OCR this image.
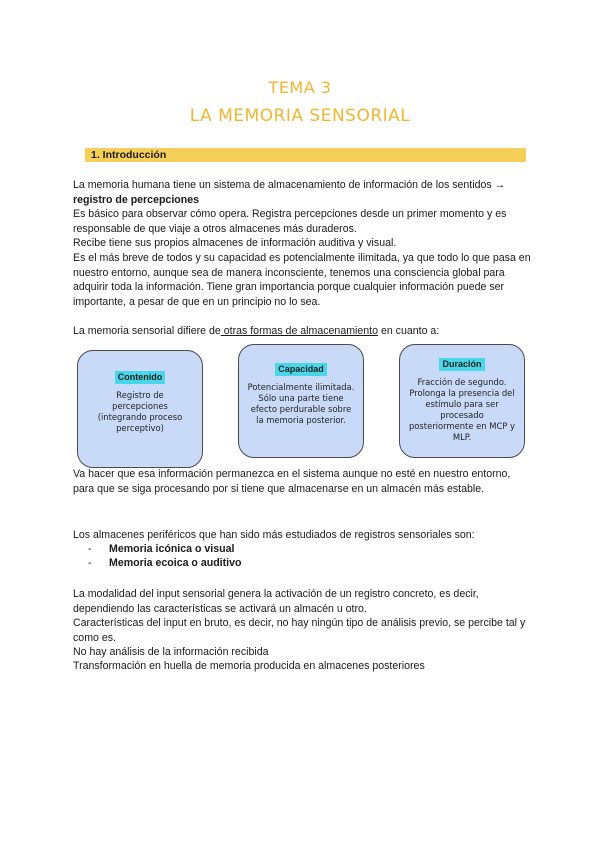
TEMA 3
LA MEMORIA SENSORIAL
1. Introducción

La memoria humana tiene un sistema de almacenamiento de información de los sentidos →
registro de percepciones

Es básico para observar cómo opera. Registra percepciones desde un primer momento y es responsable de que viaje a otros almacenes más duraderos.

Recibe tiene sus propios almacenes de información auditiva y visual.

Es el más breve de todos y su capacidad es potencialmente ilimitada, ya que todo lo que pasa en nuestro entorno, aunque sea de manera inconsciente, tenemos una consciencia global para adquirir toda la información. Tiene gran importancia porque cualquier información puede ser importante, a pesar de que en un principio no lo sea.

La memoria sensorial difiere de otras formas de almacenamiento en cuanto a:

Contenido
Registro de percepciones (integrando proceso perceptivo)
Capacidad
Potencialmente ilimitada. Sólo una parte tiene efecto perdurable sobre la memoria posterior.
Duración
Fracción de segundo. Prolonga la presencia del estímulo para ser procesado posteriormente en MCP y MLP.

Va hacer que esa información permanezca en el sistema aunque no esté en nuestro entorno, para que se siga procesando por si tiene que almacenarse en un almacén más estable.

Los almacenes periféricos que han sido más estudiados de registros sensoriales son:

- Memoria icónica o visual
- Memoria ecoica o auditivo

La modalidad del input sensorial genera la activación de un registro concreto, es decir, dependiendo las características se activará un almacén u otro.

Características del input en bruto, es decir, no hay ningún tipo de análisis previo, se percibe tal y como es.

No hay análisis de la información recibida

Transformación en huella de memoria producida en almacenes posteriores
